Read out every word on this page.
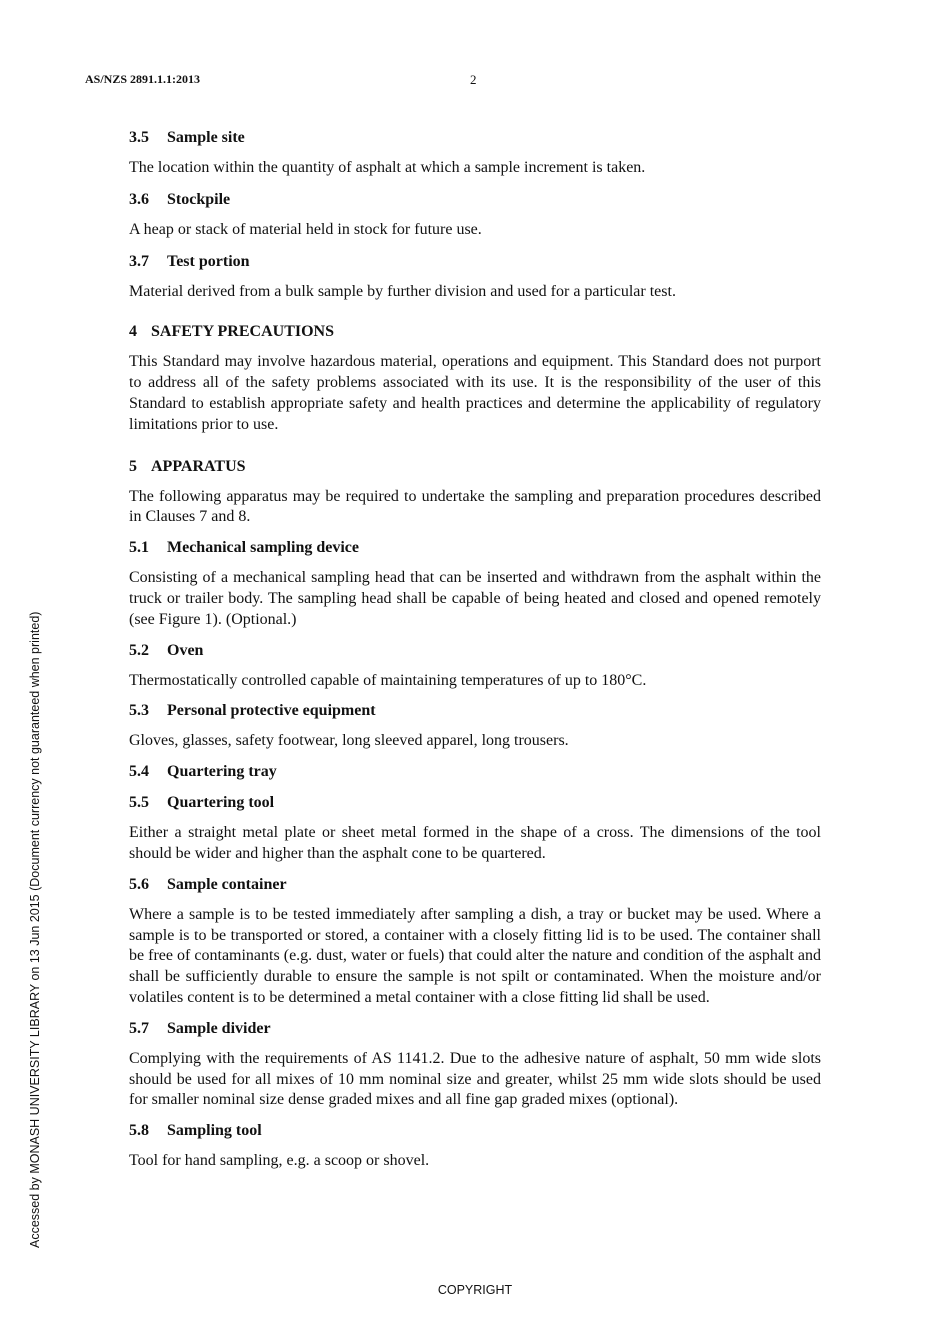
AS/NZS 2891.1.1:2013	2
3.5 Sample site
The location within the quantity of asphalt at which a sample increment is taken.
3.6 Stockpile
A heap or stack of material held in stock for future use.
3.7 Test portion
Material derived from a bulk sample by further division and used for a particular test.
4 SAFETY PRECAUTIONS
This Standard may involve hazardous material, operations and equipment. This Standard does not purport to address all of the safety problems associated with its use. It is the responsibility of the user of this Standard to establish appropriate safety and health practices and determine the applicability of regulatory limitations prior to use.
5 APPARATUS
The following apparatus may be required to undertake the sampling and preparation procedures described in Clauses 7 and 8.
5.1 Mechanical sampling device
Consisting of a mechanical sampling head that can be inserted and withdrawn from the asphalt within the truck or trailer body. The sampling head shall be capable of being heated and closed and opened remotely (see Figure 1). (Optional.)
5.2 Oven
Thermostatically controlled capable of maintaining temperatures of up to 180°C.
5.3 Personal protective equipment
Gloves, glasses, safety footwear, long sleeved apparel, long trousers.
5.4 Quartering tray
5.5 Quartering tool
Either a straight metal plate or sheet metal formed in the shape of a cross. The dimensions of the tool should be wider and higher than the asphalt cone to be quartered.
5.6 Sample container
Where a sample is to be tested immediately after sampling a dish, a tray or bucket may be used. Where a sample is to be transported or stored, a container with a closely fitting lid is to be used. The container shall be free of contaminants (e.g. dust, water or fuels) that could alter the nature and condition of the asphalt and shall be sufficiently durable to ensure the sample is not spilt or contaminated. When the moisture and/or volatiles content is to be determined a metal container with a close fitting lid shall be used.
5.7 Sample divider
Complying with the requirements of AS 1141.2. Due to the adhesive nature of asphalt, 50 mm wide slots should be used for all mixes of 10 mm nominal size and greater, whilst 25 mm wide slots should be used for smaller nominal size dense graded mixes and all fine gap graded mixes (optional).
5.8 Sampling tool
Tool for hand sampling, e.g. a scoop or shovel.
Accessed by MONASH UNIVERSITY LIBRARY on 13 Jun 2015 (Document currency not guaranteed when printed)
COPYRIGHT
